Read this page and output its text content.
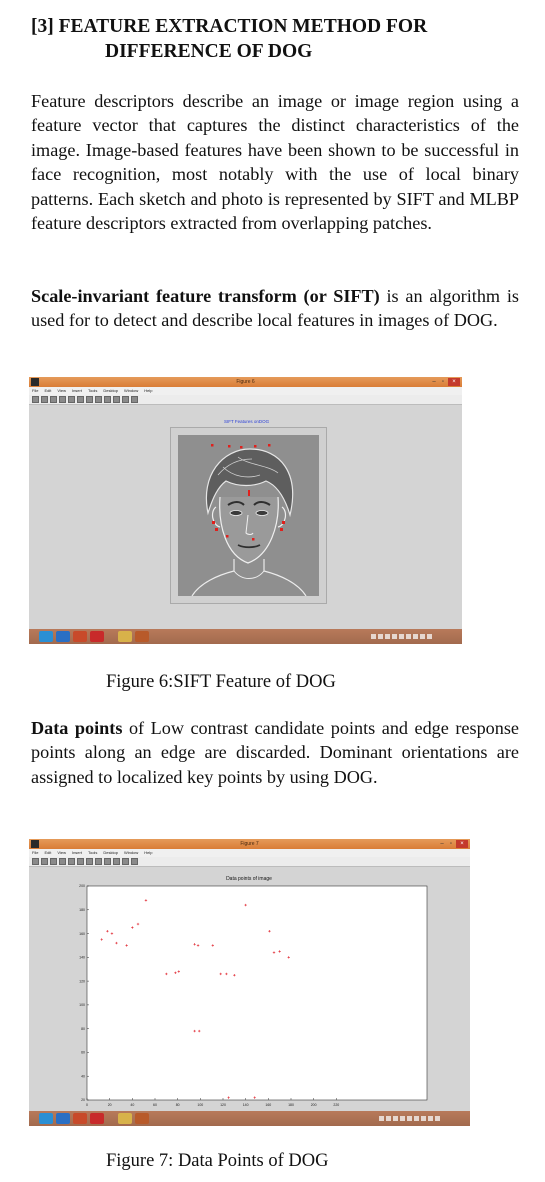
[3] FEATURE EXTRACTION METHOD FOR
DIFFERENCE OF DOG

Feature descriptors describe an image or image region using a feature vector that captures the distinct characteristics of the image. Image-based features have been shown to be successful in face recognition, most notably with the use of local binary patterns. Each sketch and photo is represented by SIFT and MLBP feature descriptors extracted from overlapping patches.

Scale-invariant feature transform (or SIFT) is an algorithm is used for to detect and describe local features in images of DOG.

Figure 6	–	▫	×
File Edit View Insert Tools Desktop Window Help
SIFT Features onDOG

Figure 6:SIFT Feature of DOG

Data points of Low contrast candidate points and edge response points along an edge are discarded. Dominant orientations are assigned to localized key points by using DOG.

Figure 7	–	▫	×
File Edit View Insert Tools Desktop Window Help
Data points of image
0	20	40	60	80	100	120	140	160	180	200	220
20
40
60
80
100
120
140
160
180
200

Figure 7: Data Points of DOG
